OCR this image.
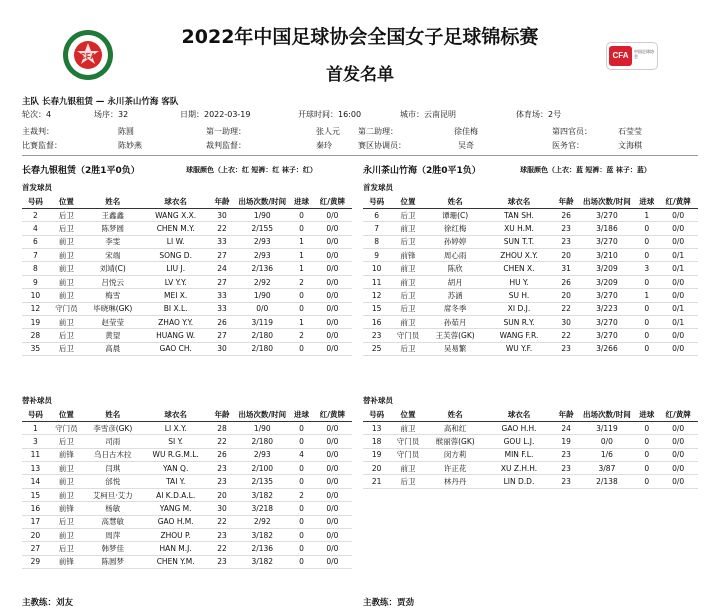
CFA
2022年中国足球协会全国女子足球锦标赛
首发名单
CFA	中国足球协会
主队 长春九银租赁 — 永川茶山竹海 客队
轮次：4	场序：32	日期：2022-03-19	开球时间：16:00	城市：云南昆明	体育场：2号
主裁判：	陈圆	第一助理：	张人元 第二助理：	徐佳梅	第四官员：	石莹莹
比赛监督：	陈妙燕	裁判监督：	秦玲	赛区协调员：	吴奇	医务官：	文海棋
长春九银租赁（2胜1平0负）	球服颜色（上衣：红 短裤：红 袜子：红）
首发球员
号码	位置	姓名	球衣名	年龄	出场次数/时间	进球	红/黄牌
2	后卫	王鑫鑫	WANG X.X.	30	1/90	0	0/0
4	后卫	陈梦圆	CHEN M.Y.	22	2/155	0	0/0
6	前卫	李雯	LI W.	33	2/93	1	0/0
7	前卫	宋端	SONG D.	27	2/93	1	0/0
8	前卫	刘靖(C)	LIU J.	24	2/136	1	0/0
9	前卫	吕悦云	LV Y.Y.	27	2/92	2	0/0
10	前卫	梅雪	MEI X.	33	1/90	0	0/0
12	守门员	毕晓琳(GK)	BI X.L.	33	0/0	0	0/0
19	前卫	赵莹莹	ZHAO Y.Y.	26	3/119	1	0/0
28	后卫	黄望	HUANG W.	27	2/180	2	0/0
35	后卫	高晨	GAO CH.	30	2/180	0	0/0
替补球员
号码	位置	姓名	球衣名	年龄	出场次数/时间	进球	红/黄牌
1	守门员	李雪彦(GK)	LI X.Y.	28	1/90	0	0/0
3	后卫	司雨	SI Y.	22	2/180	0	0/0
11	前锋	乌日古木拉	WU R.G.M.L.	26	2/93	4	0/0
13	前卫	闫琪	YAN Q.	23	2/100	0	0/0
14	前卫	邰悦	TAI Y.	23	2/135	0	0/0
15	前卫	艾柯旦·艾力	AI K.D.A.L.	20	3/182	2	0/0
16	前锋	杨敏	YANG M.	30	3/218	0	0/0
17	后卫	高慧敏	GAO H.M.	22	2/92	0	0/0
20	前卫	周萍	ZHOU P.	23	3/182	0	0/0
27	后卫	韩梦佳	HAN M.J.	22	2/136	0	0/0
29	前锋	陈圆梦	CHEN Y.M.	23	3/182	0	0/0
主教练：刘友
永川茶山竹海（2胜0平1负）	球服颜色（上衣：蓝 短裤：蓝 袜子：蓝）
首发球员
号码	位置	姓名	球衣名	年龄	出场次数/时间	进球	红/黄牌
6	后卫	谭珊(C)	TAN SH.	26	3/270	1	0/0
7	前卫	徐红梅	XU H.M.	23	3/186	0	0/0
8	后卫	孙婷婷	SUN T.T.	23	3/270	0	0/0
9	前锋	周心雨	ZHOU X.Y.	20	3/210	0	0/1
10	前卫	陈欣	CHEN X.	31	3/209	3	0/1
11	前卫	胡月	HU Y.	26	3/209	0	0/0
12	后卫	苏涵	SU H.	20	3/270	1	0/0
15	后卫	席冬季	XI D.J.	22	3/223	0	0/1
16	前卫	孙茹月	SUN R.Y.	30	3/270	0	0/1
23	守门员	王芙蓉(GK)	WANG F.R.	22	3/270	0	0/0
25	后卫	吴易繁	WU Y.F.	23	3/266	0	0/0
替补球员
号码	位置	姓名	球衣名	年龄	出场次数/时间	进球	红/黄牌
13	前卫	高和红	GAO H.H.	24	3/119	0	0/0
18	守门员	缑丽蓉(GK)	GOU L.J.	19	0/0	0	0/0
19	守门员	闵方莉	MIN F.L.	23	1/6	0	0/0
20	前卫	许正花	XU Z.H.H.	23	3/87	0	0/0
21	后卫	林丹丹	LIN D.D.	23	2/138	0	0/0
主教练：贾劲
